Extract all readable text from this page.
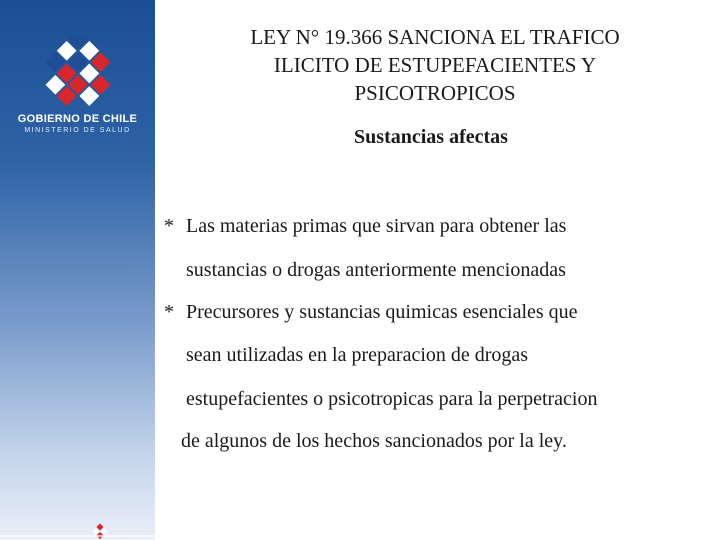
GOBIERNO DE CHILE
MINISTERIO DE SALUD
LEY N° 19.366 SANCIONA EL TRAFICO
ILICITO DE ESTUPEFACIENTES Y
PSICOTROPICOS
Sustancias afectas
* Las materias primas que sirvan para obtener las
sustancias o drogas anteriormente mencionadas
* Precursores y sustancias quimicas esenciales que
sean utilizadas en la preparacion de drogas
estupefacientes o psicotropicas para la perpetracion
de algunos de los hechos sancionados por la ley.
